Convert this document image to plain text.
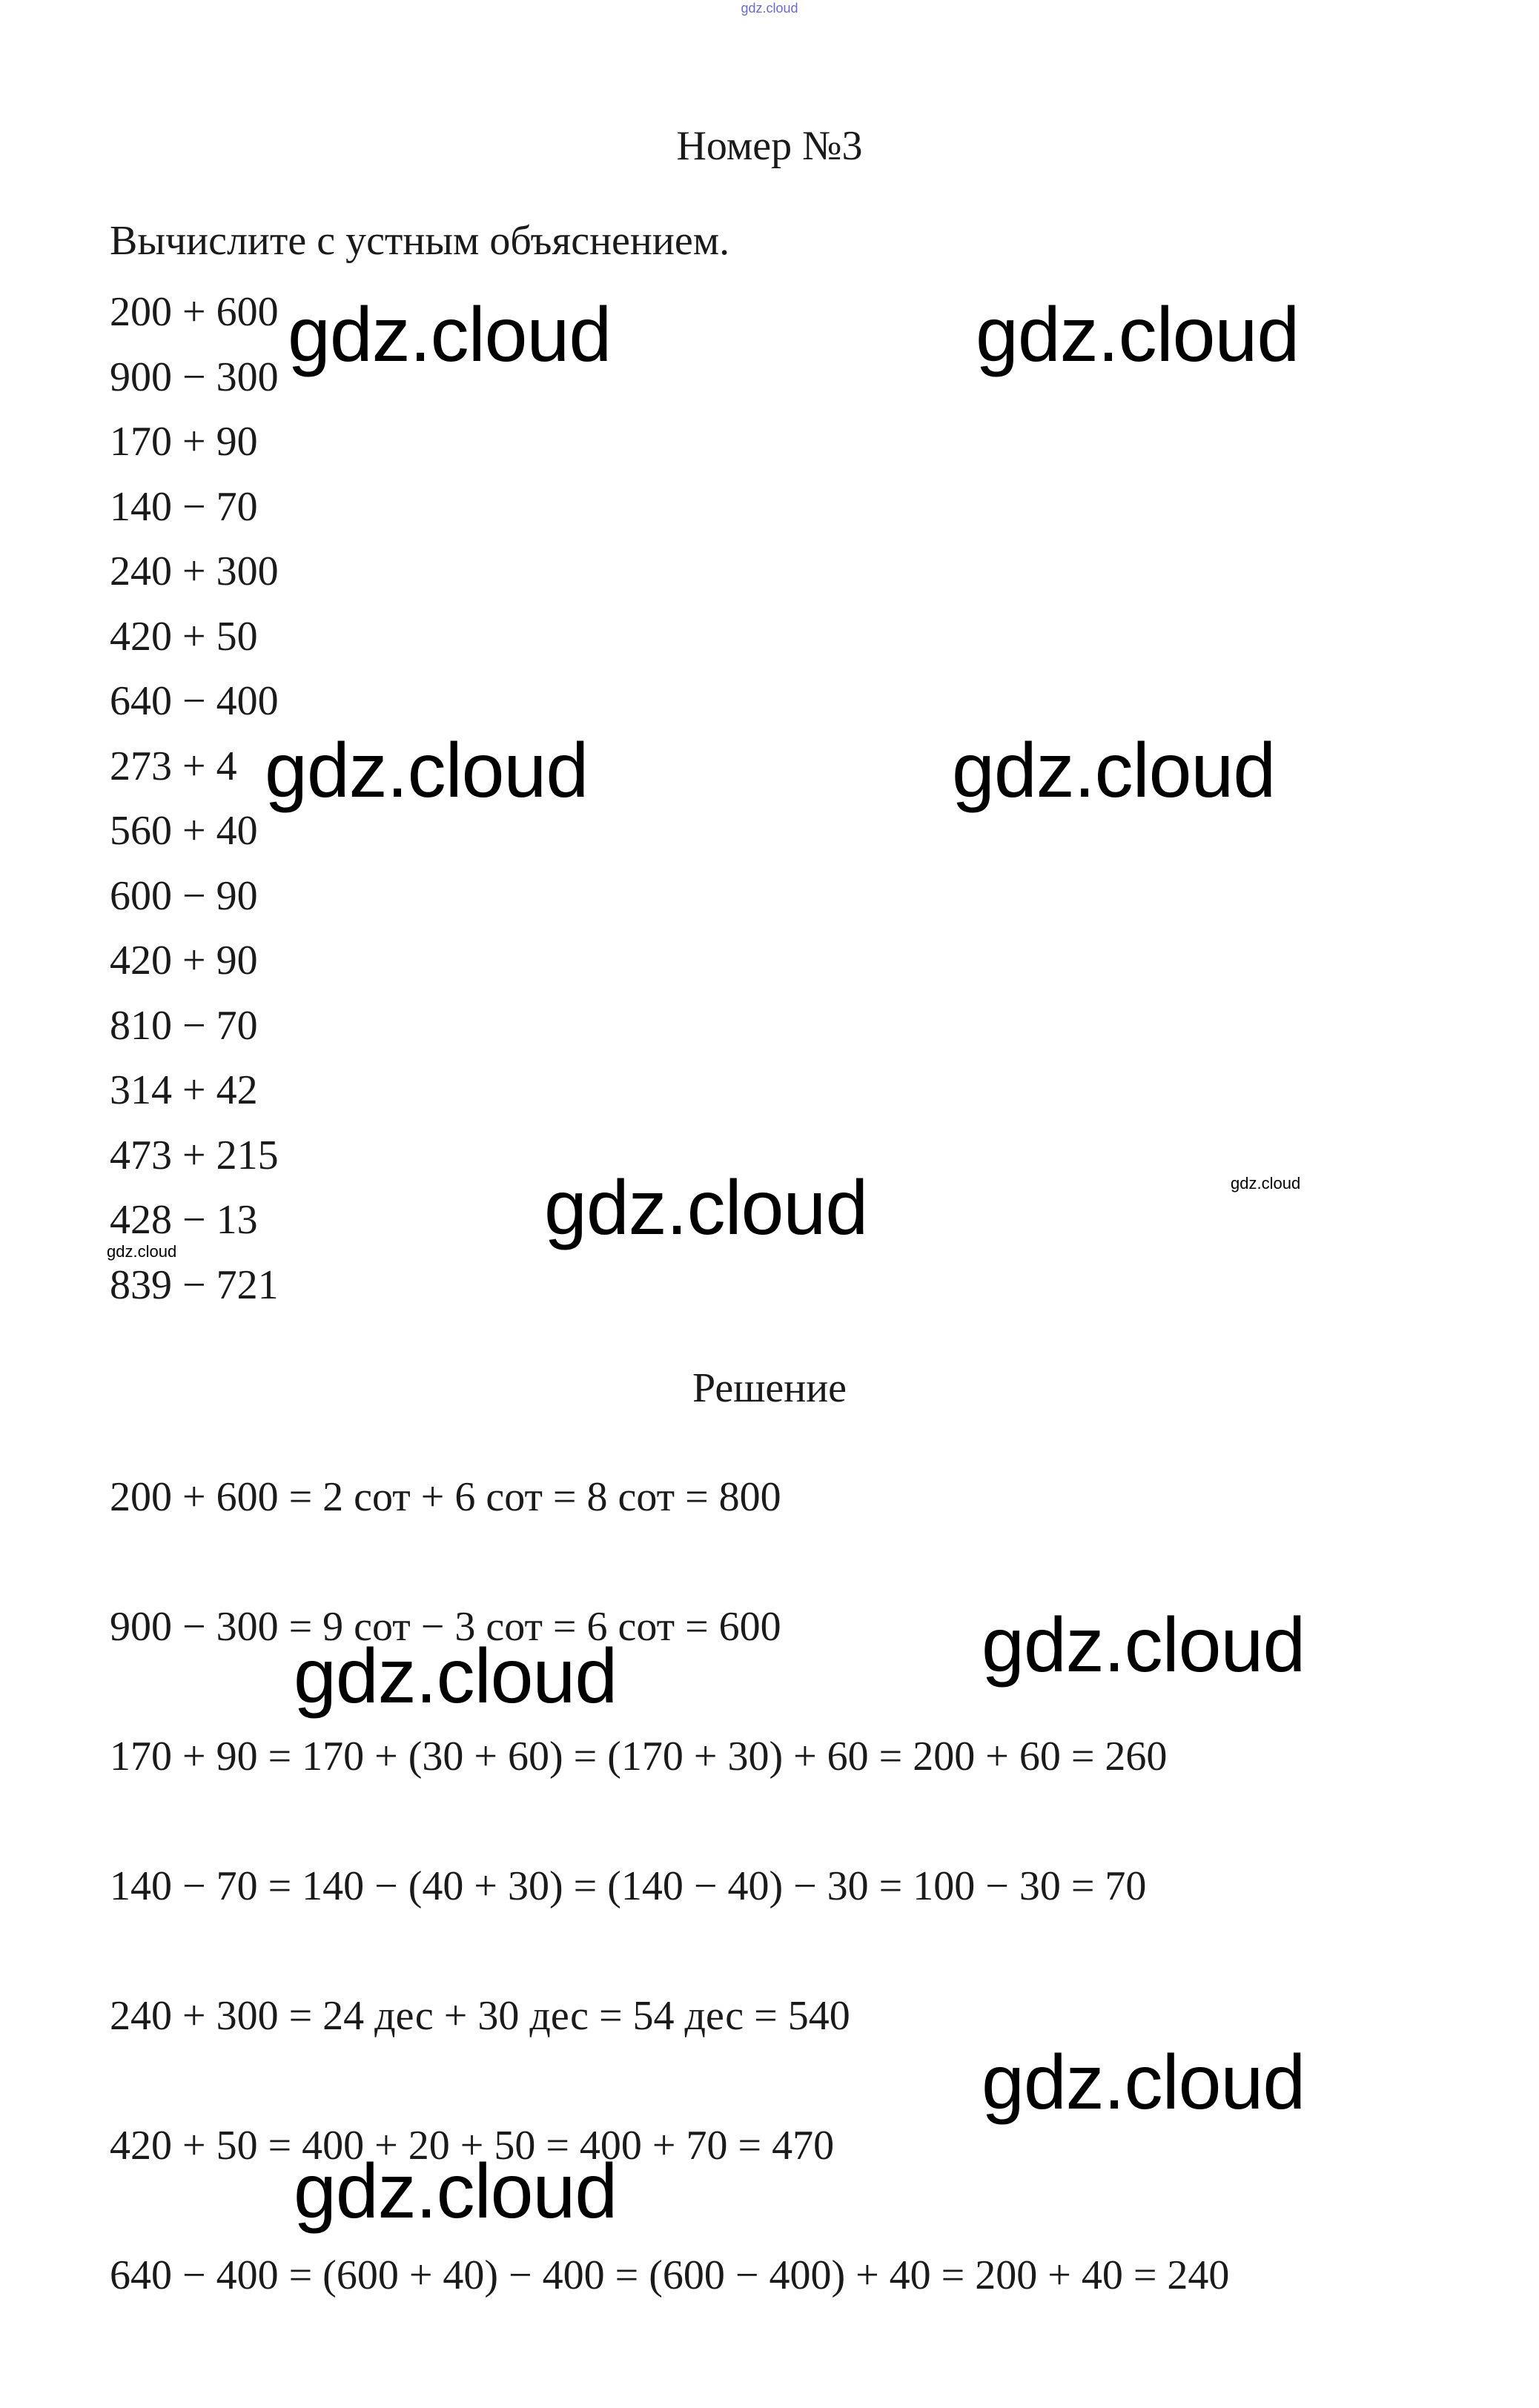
gdz.cloud
Номер №3
Вычислите с устным объяснением.
200 + 600
900 − 300
170 + 90
140 − 70
240 + 300
420 + 50
640 − 400
273 + 4
560 + 40
600 − 90
420 + 90
810 − 70
314 + 42
473 + 215
428 − 13
839 − 721
Решение
200 + 600 = 2 сот + 6 сот = 8 сот = 800
900 − 300 = 9 сот − 3 сот = 6 сот = 600
170 + 90 = 170 + (30 + 60) = (170 + 30) + 60 = 200 + 60 = 260
140 − 70 = 140 − (40 + 30) = (140 − 40) − 30 = 100 − 30 = 70
240 + 300 = 24 дес + 30 дес = 54 дес = 540
420 + 50 = 400 + 20 + 50 = 400 + 70 = 470
640 − 400 = (600 + 40) − 400 = (600 − 400) + 40 = 200 + 40 = 240
gdz.cloud	gdz.cloud
gdz.cloud	gdz.cloud
gdz.cloud	gdz.cloud
gdz.cloud
gdz.cloud
gdz.cloud
gdz.cloud
gdz.cloud
